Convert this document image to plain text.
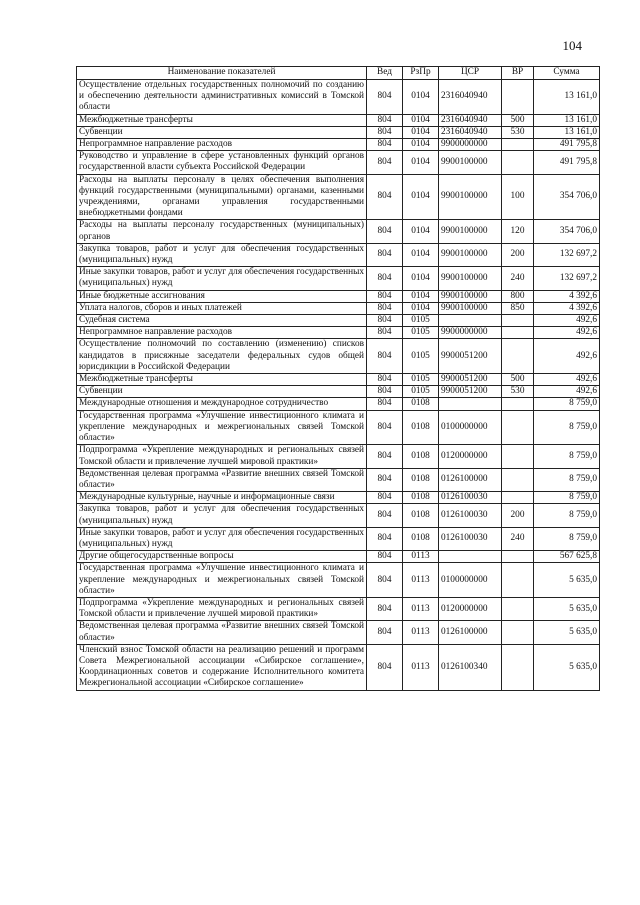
104
Наименование показателей	Вед	РзПр	ЦСР	ВР	Сумма
Осуществление отдельных государственных полномочий по созданию и обеспечению деятельности административных комиссий в Томской области	804	0104	2316040940		13 161,0
Межбюджетные трансферты	804	0104	2316040940	500	13 161,0
Субвенции	804	0104	2316040940	530	13 161,0
Непрограммное направление расходов	804	0104	9900000000		491 795,8
Руководство и управление в сфере установленных функций органов государственной власти субъекта Российской Федерации	804	0104	9900100000		491 795,8
Расходы на выплаты персоналу в целях обеспечения выполнения функций государственными (муниципальными) органами, казенными учреждениями, органами управления государственными внебюджетными фондами	804	0104	9900100000	100	354 706,0
Расходы на выплаты персоналу государственных (муниципальных) органов	804	0104	9900100000	120	354 706,0
Закупка товаров, работ и услуг для обеспечения государственных (муниципальных) нужд	804	0104	9900100000	200	132 697,2
Иные закупки товаров, работ и услуг для обеспечения государственных (муниципальных) нужд	804	0104	9900100000	240	132 697,2
Иные бюджетные ассигнования	804	0104	9900100000	800	4 392,6
Уплата налогов, сборов и иных платежей	804	0104	9900100000	850	4 392,6
Судебная система	804	0105			492,6
Непрограммное направление расходов	804	0105	9900000000		492,6
Осуществление полномочий по составлению (изменению) списков кандидатов в присяжные заседатели федеральных судов общей юрисдикции в Российской Федерации	804	0105	9900051200		492,6
Межбюджетные трансферты	804	0105	9900051200	500	492,6
Субвенции	804	0105	9900051200	530	492,6
Международные отношения и международное сотрудничество	804	0108			8 759,0
Государственная программа «Улучшение инвестиционного климата и укрепление международных и межрегиональных связей Томской области»	804	0108	0100000000		8 759,0
Подпрограмма «Укрепление международных и региональных связей Томской области и привлечение лучшей мировой практики»	804	0108	0120000000		8 759,0
Ведомственная целевая программа «Развитие внешних связей Томской области»	804	0108	0126100000		8 759,0
Международные культурные, научные и информационные связи	804	0108	0126100030		8 759,0
Закупка товаров, работ и услуг для обеспечения государственных (муниципальных) нужд	804	0108	0126100030	200	8 759,0
Иные закупки товаров, работ и услуг для обеспечения государственных (муниципальных) нужд	804	0108	0126100030	240	8 759,0
Другие общегосударственные вопросы	804	0113			567 625,8
Государственная программа «Улучшение инвестиционного климата и укрепление международных и межрегиональных связей Томской области»	804	0113	0100000000		5 635,0
Подпрограмма «Укрепление международных и региональных связей Томской области и привлечение лучшей мировой практики»	804	0113	0120000000		5 635,0
Ведомственная целевая программа «Развитие внешних связей Томской области»	804	0113	0126100000		5 635,0
Членский взнос Томской области на реализацию решений и программ Совета Межрегиональной ассоциации «Сибирское соглашение», Координационных советов и содержание Исполнительного комитета Межрегиональной ассоциации «Сибирское соглашение»	804	0113	0126100340		5 635,0
